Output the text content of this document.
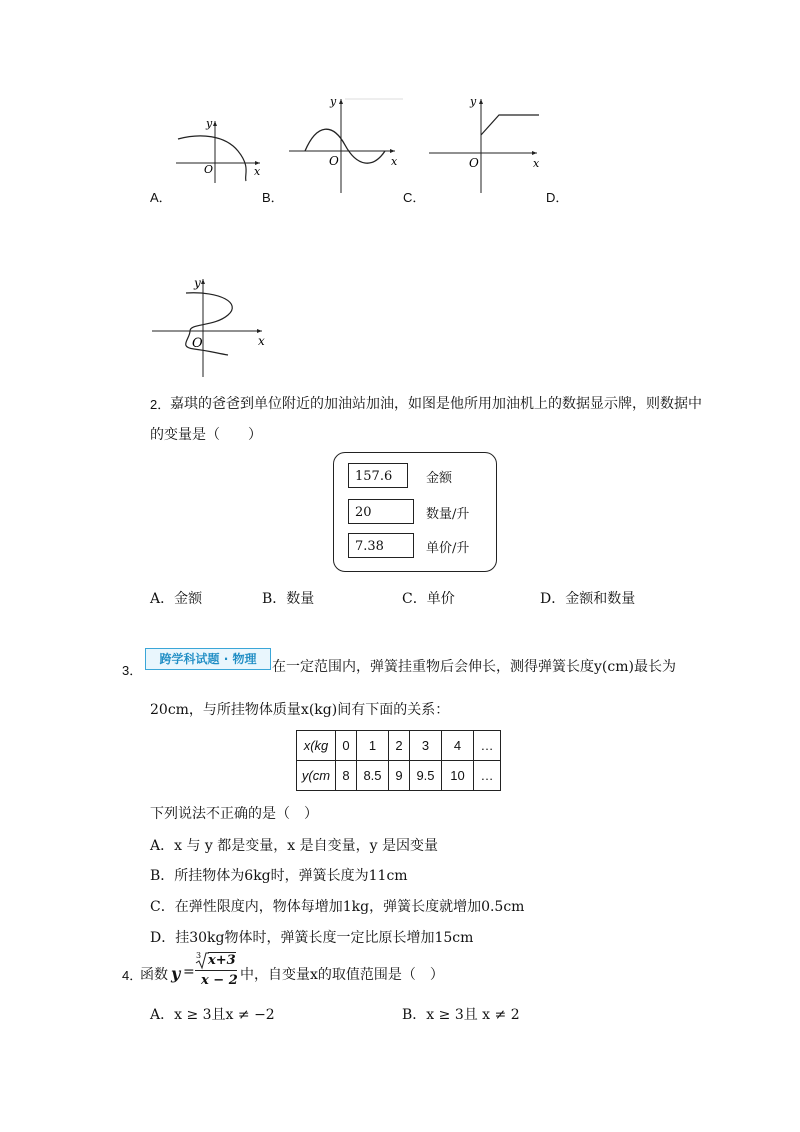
y
O	x
A．
y
O	x
B．
y
O	x
C．	D．
y
O	x
2． 嘉琪的爸爸到单位附近的加油站加油，如图是他所用加油机上的数据显示牌，则数据中
的变量是（　　）
157.6	金额
20	数量/升
7.38	单价/升
A．金额	B．数量	C．单价	D．金额和数量
3．
跨学科试题 · 物理	在一定范围内，弹簧挂重物后会伸长，测得弹簧长度y(cm)最长为
20cm，与所挂物体质量x(kg)间有下面的关系：
x(kg	0	1	2	3	4	…
y(cm	8	8.5	9	9.5	10	…
下列说法不正确的是（　）
A．x 与 y 都是变量，x 是自变量，y 是因变量
B．所挂物体为6kg时，弹簧长度为11cm
C．在弹性限度内，物体每增加1kg，弹簧长度就增加0.5cm
D．挂30kg物体时，弹簧长度一定比原长增加15cm
4．
函数 y =
3 x+3
x − 2 中，自变量x的取值范围是（　）
A．x ≥ 3且x ≠ −2	B．x ≥ 3且 x ≠ 2
